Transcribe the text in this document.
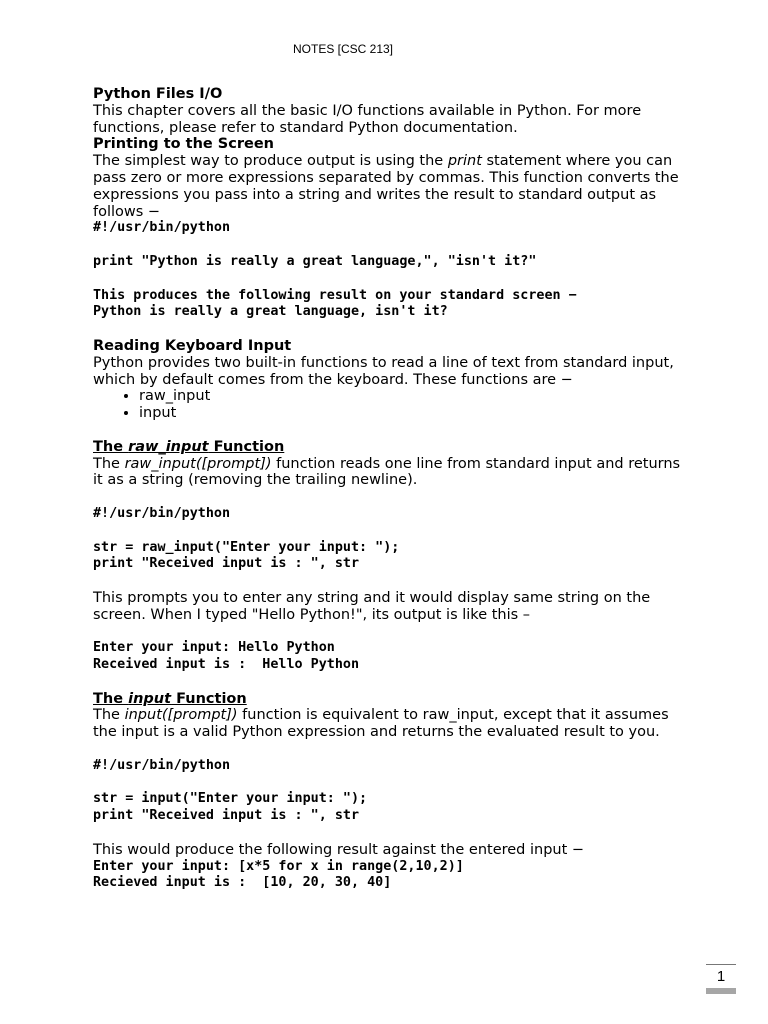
NOTES [CSC 213]
Python Files I/O

This chapter covers all the basic I/O functions available in Python. For more functions, please refer to standard Python documentation.

Printing to the Screen

The simplest way to produce output is using the print statement where you can pass zero or more expressions separated by commas. This function converts the expressions you pass into a string and writes the result to standard output as follows −

#!/usr/bin/python
print "Python is really a great language,", "isn't it?"
This produces the following result on your standard screen −
Python is really a great language, isn't it?
Reading Keyboard Input

Python provides two built-in functions to read a line of text from standard input, which by default comes from the keyboard. These functions are −

• raw_input
• input
The raw_input Function

The raw_input([prompt]) function reads one line from standard input and returns it as a string (removing the trailing newline).

#!/usr/bin/python
str = raw_input("Enter your input: ");
print "Received input is : ", str

This prompts you to enter any string and it would display same string on the screen. When I typed "Hello Python!", its output is like this –

Enter your input: Hello Python
Received input is :  Hello Python
The input Function

The input([prompt]) function is equivalent to raw_input, except that it assumes the input is a valid Python expression and returns the evaluated result to you.

#!/usr/bin/python
str = input("Enter your input: ");
print "Received input is : ", str

This would produce the following result against the entered input −

Enter your input: [x*5 for x in range(2,10,2)]
Recieved input is :  [10, 20, 30, 40]
1
